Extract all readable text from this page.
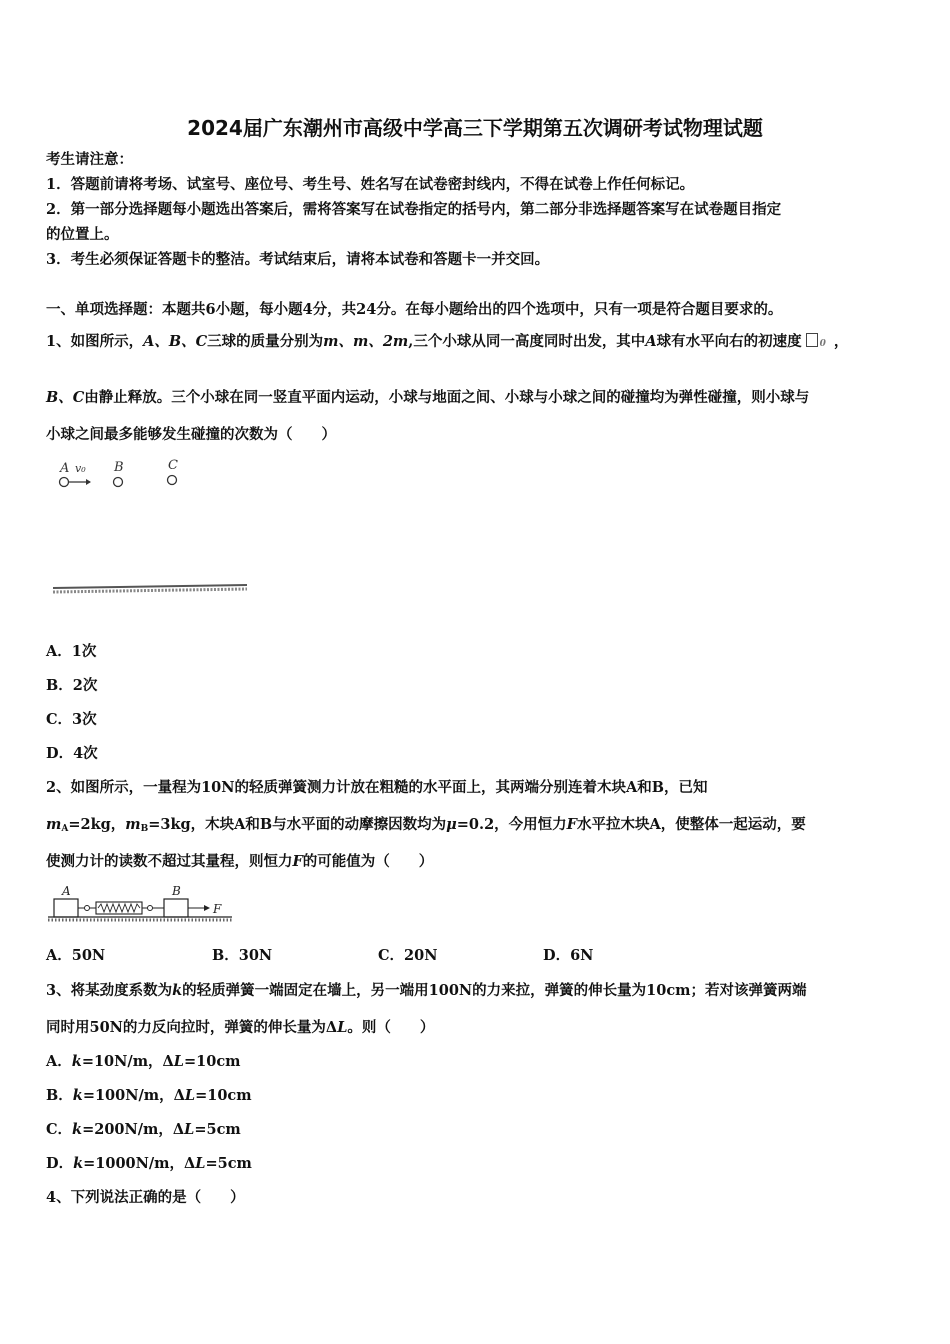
2024届广东潮州市高级中学高三下学期第五次调研考试物理试题
考生请注意：
1．答题前请将考场、试室号、座位号、考生号、姓名写在试卷密封线内，不得在试卷上作任何标记。
2．第一部分选择题每小题选出答案后，需将答案写在试卷指定的括号内，第二部分非选择题答案写在试卷题目指定
的位置上。
3．考生必须保证答题卡的整洁。考试结束后，请将本试卷和答题卡一并交回。
一、单项选择题：本题共6小题，每小题4分，共24分。在每小题给出的四个选项中，只有一项是符合题目要求的。
1、如图所示，A、B、C三球的质量分别为m、m、2m,三个小球从同一高度同时出发，其中A球有水平向右的初速度 0 ，
B、C由静止释放。三个小球在同一竖直平面内运动，小球与地面之间、小球与小球之间的碰撞均为弹性碰撞，则小球与
小球之间最多能够发生碰撞的次数为（　　）
A v₀ B	C
A．1次
B．2次
C．3次
D．4次
2、如图所示，一量程为10N的轻质弹簧测力计放在粗糙的水平面上，其两端分别连着木块A和B，已知
$m_A=2kg$，$m_B=3kg$，木块A和B与水平面的动摩擦因数均为μ=0.2，今用恒力F水平拉木块A，使整体一起运动，要
使测力计的读数不超过其量程，则恒力F的可能值为（　　）
A	B
F
A．50N	B．30N	C．20N	D．6N
3、将某劲度系数为k的轻质弹簧一端固定在墙上，另一端用100N的力来拉，弹簧的伸长量为10cm；若对该弹簧两端
同时用50N的力反向拉时，弹簧的伸长量为ΔL。则（　　）
A．k=10N/m，ΔL=10cm
B．k=100N/m，ΔL=10cm
C．k=200N/m，ΔL=5cm
D．k=1000N/m，ΔL=5cm
4、下列说法正确的是（　　）
